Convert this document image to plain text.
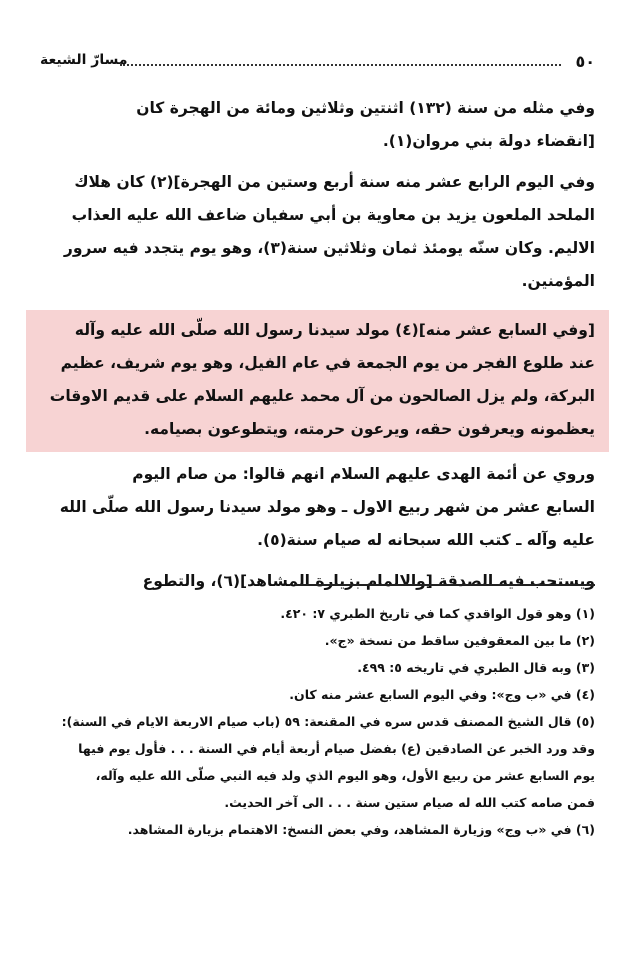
٥٠
مسارّ الشيعة

وفي مثله من سنة (١٣٢) اثنتين وثلاثين ومائة من الهجرة كان
[انقضاء دولة بني مروان(١).

وفي اليوم الرابع عشر منه سنة أربع وستين من الهجرة](٢) كان هلاك
الملحد الملعون يزيد بن معاوية بن أبي سفيان ضاعف الله عليه العذاب
الاليم. وكان سنّه يومئذ ثمان وثلاثين سنة(٣)، وهو يوم يتجدد فيه سرور
المؤمنين.

[وفي السابع عشر منه](٤) مولد سيدنا رسول الله صلّى الله عليه وآله
عند طلوع الفجر من يوم الجمعة في عام الفيل، وهو يوم شريف، عظيم
البركة، ولم يزل الصالحون من آل محمد عليهم السلام على قديم الاوقات
يعظمونه ويعرفون حقه، ويرعون حرمته، ويتطوعون بصيامه.

وروي عن أئمة الهدى عليهم السلام انهم قالوا: من صام اليوم
السابع عشر من شهر ربيع الاول ـ وهو مولد سيدنا رسول الله صلّى الله
عليه وآله ـ كتب الله سبحانه له صيام سنة(٥).

ويستحب فيه الصدقة [والالمام بزيارة المشاهد](٦)، والتطوع

(١) وهو قول الواقدي كما في تاريخ الطبري ٧: ٤٢٠.

(٢) ما بين المعقوفين ساقط من نسخة «ج».

(٣) وبه قال الطبري في تاريخه ٥: ٤٩٩.

(٤) في «ب وج»: وفي اليوم السابع عشر منه كان.

(٥) قال الشيخ المصنف قدس سره في المقنعة: ٥٩ (باب صيام الاربعة الايام في السنة):
وقد ورد الخبر عن الصادقين (ع) بفضل صيام أربعة أيام في السنة . . . فأول يوم فيها
يوم السابع عشر من ربيع الأول، وهو اليوم الذي ولد فيه النبي صلّى الله عليه وآله،
فمن صامه كتب الله له صيام ستين سنة . . . الى آخر الحديث.

(٦) في «ب وج» وزيارة المشاهد، وفي بعض النسخ: الاهتمام بزيارة المشاهد.
